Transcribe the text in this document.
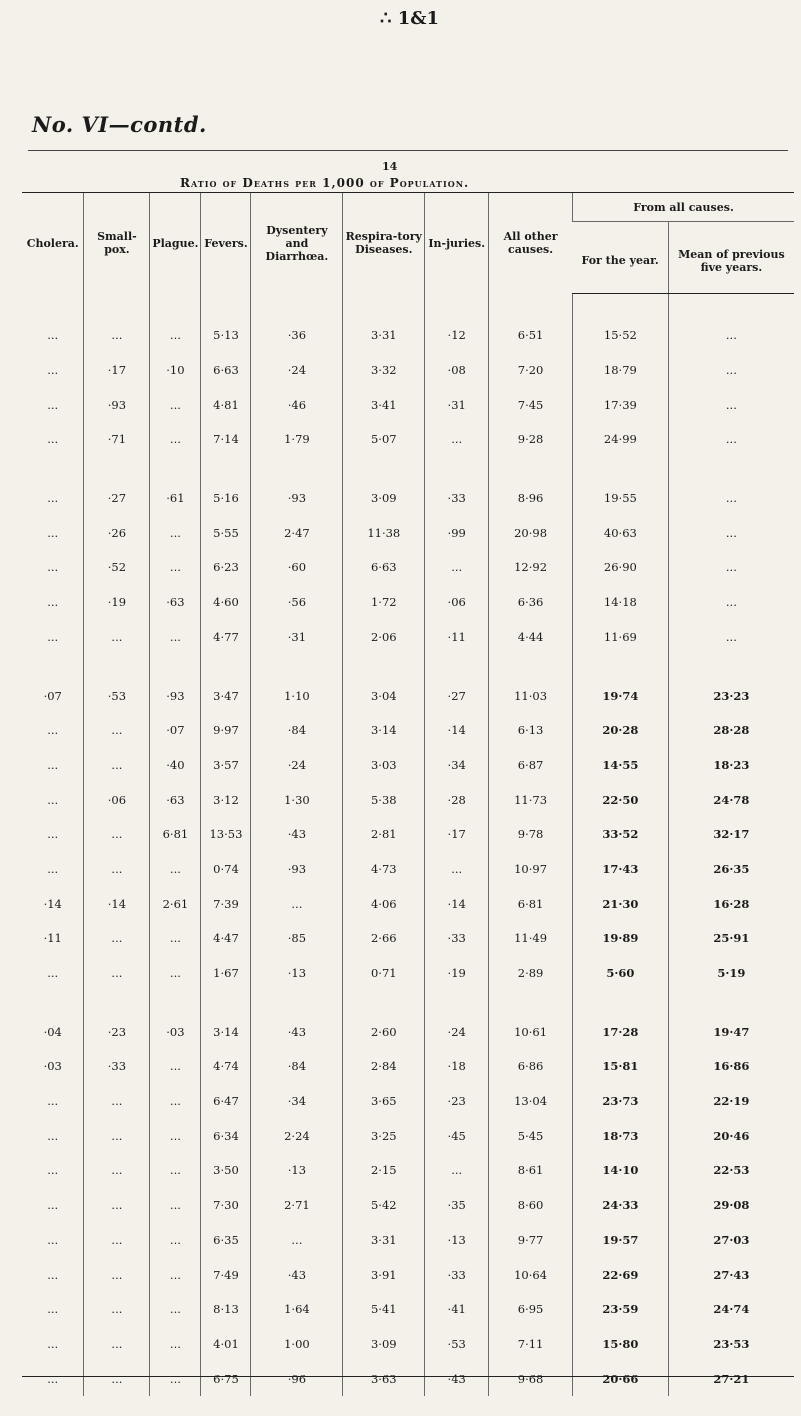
∴ 1&1
No. VI—contd.
14
Ratio of Deaths per 1,000 of Population.
Cholera.	Small-pox.	Plague.	Fevers.	Dysentery and Diarrhœa.	Respira-tory Diseases.	In-juries.	All other causes.	From all causes.	
								For the year.	Mean of previous five years.

...	...	...	5·13	·36	3·31	·12	6·51	15·52	...
...	·17	·10	6·63	·24	3·32	·08	7·20	18·79	...
...	·93	...	4·81	·46	3·41	·31	7·45	17·39	...
...	·71	...	7·14	1·79	5·07	...	9·28	24·99	...

...	·27	·61	5·16	·93	3·09	·33	8·96	19·55	...
...	·26	...	5·55	2·47	11·38	·99	20·98	40·63	...
...	·52	...	6·23	·60	6·63	...	12·92	26·90	...
...	·19	·63	4·60	·56	1·72	·06	6·36	14·18	...
...	...	...	4·77	·31	2·06	·11	4·44	11·69	...

·07	·53	·93	3·47	1·10	3·04	·27	11·03	19·74	23·23
...	...	·07	9·97	·84	3·14	·14	6·13	20·28	28·28
...	...	·40	3·57	·24	3·03	·34	6·87	14·55	18·23
...	·06	·63	3·12	1·30	5·38	·28	11·73	22·50	24·78
...	...	6·81	13·53	·43	2·81	·17	9·78	33·52	32·17
...	...	...	0·74	·93	4·73	...	10·97	17·43	26·35
·14	·14	2·61	7·39	...	4·06	·14	6·81	21·30	16·28
·11	...	...	4·47	·85	2·66	·33	11·49	19·89	25·91
...	...	...	1·67	·13	0·71	·19	2·89	5·60	5·19

·04	·23	·03	3·14	·43	2·60	·24	10·61	17·28	19·47
·03	·33	...	4·74	·84	2·84	·18	6·86	15·81	16·86
...	...	...	6·47	·34	3·65	·23	13·04	23·73	22·19
...	...	...	6·34	2·24	3·25	·45	5·45	18·73	20·46
...	...	...	3·50	·13	2·15	...	8·61	14·10	22·53
...	...	...	7·30	2·71	5·42	·35	8·60	24·33	29·08
...	...	...	6·35	...	3·31	·13	9·77	19·57	27·03
...	...	...	7·49	·43	3·91	·33	10·64	22·69	27·43
...	...	...	8·13	1·64	5·41	·41	6·95	23·59	24·74
...	...	...	4·01	1·00	3·09	·53	7·11	15·80	23·53
...	...	...	6·75	·96	3·63	·43	9·68	20·66	27·21
